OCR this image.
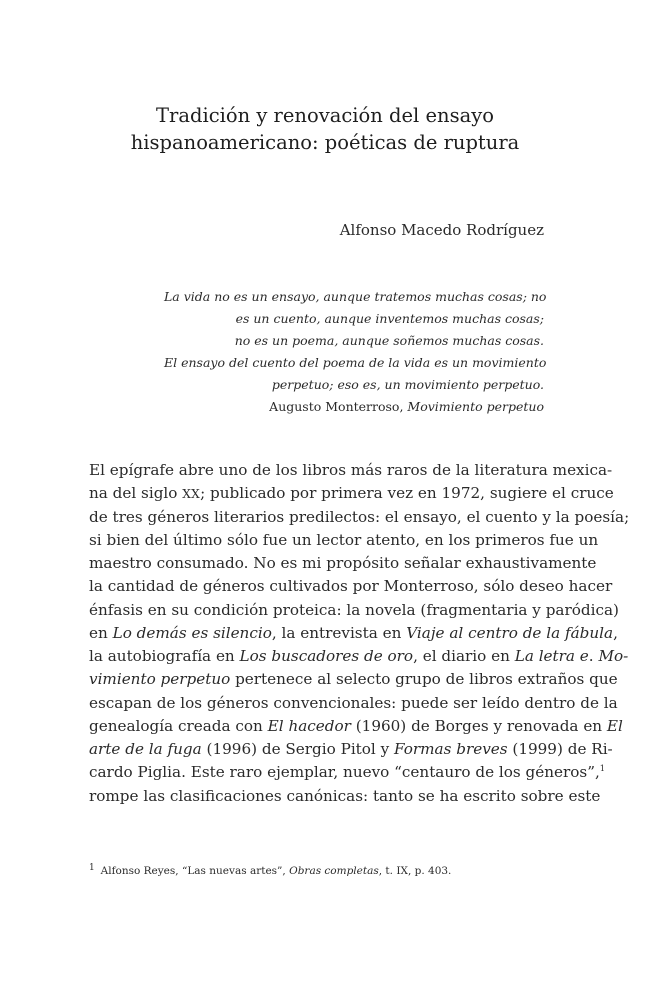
Tradición y renovación del ensayo
hispanoamericano: poéticas de ruptura
Alfonso Macedo Rodríguez
La vida no es un ensayo, aunque tratemos muchas cosas; no
es un cuento, aunque inventemos muchas cosas;
no es un poema, aunque soñemos muchas cosas.
El ensayo del cuento del poema de la vida es un movimiento
perpetuo; eso es, un movimiento perpetuo.
Augusto Monterroso, Movimiento perpetuo
El epígrafe abre uno de los libros más raros de la literatura mexica-
na del siglo XX; publicado por primera vez en 1972, sugiere el cruce
de tres géneros literarios predilectos: el ensayo, el cuento y la poesía;
si bien del último sólo fue un lector atento, en los primeros fue un
maestro consumado. No es mi propósito señalar exhaustivamente
la cantidad de géneros cultivados por Monterroso, sólo deseo hacer
énfasis en su condición proteica: la novela (fragmentaria y paródica)
en Lo demás es silencio, la entrevista en Viaje al centro de la fábula,
la autobiografía en Los buscadores de oro, el diario en La letra e. Mo-
vimiento perpetuo pertenece al selecto grupo de libros extraños que
escapan de los géneros convencionales: puede ser leído dentro de la
genealogía creada con El hacedor (1960) de Borges y renovada en El
arte de la fuga (1996) de Sergio Pitol y Formas breves (1999) de Ri-
cardo Piglia. Este raro ejemplar, nuevo “centauro de los géneros”,$^1$
rompe las clasificaciones canónicas: tanto se ha escrito sobre este
1 Alfonso Reyes, “Las nuevas artes”, Obras completas, t. IX, p. 403.
